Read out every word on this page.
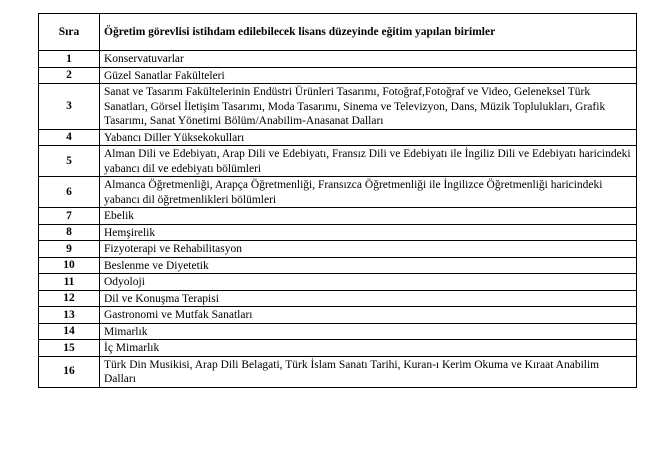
Sıra	Öğretim görevlisi istihdam edilebilecek lisans düzeyinde eğitim yapılan birimler
1	Konservatuvarlar
2	Güzel Sanatlar Fakülteleri
3	Sanat ve Tasarım Fakültelerinin Endüstri Ürünleri Tasarımı, Fotoğraf,Fotoğraf ve Video, Geleneksel Türk Sanatları, Görsel İletişim Tasarımı, Moda Tasarımı, Sinema ve Televizyon, Dans, Müzik Toplulukları, Grafik Tasarımı, Sanat Yönetimi Bölüm/Anabilim-Anasanat Dalları
4	Yabancı Diller Yüksekokulları
5	Alman Dili ve Edebiyatı, Arap Dili ve Edebiyatı, Fransız Dili ve Edebiyatı ile İngiliz Dili ve Edebiyatı haricindeki yabancı dil ve edebiyatı bölümleri
6	Almanca Öğretmenliği, Arapça Öğretmenliği, Fransızca Öğretmenliği ile İngilizce Öğretmenliği haricindeki yabancı dil öğretmenlikleri bölümleri
7	Ebelik
8	Hemşirelik
9	Fizyoterapi ve Rehabilitasyon
10	Beslenme ve Diyetetik
11	Odyoloji
12	Dil ve Konuşma Terapisi
13	Gastronomi ve Mutfak Sanatları
14	Mimarlık
15	İç Mimarlık
16	Türk Din Musikisi, Arap Dili Belagati, Türk İslam Sanatı Tarihi, Kuran-ı Kerim Okuma ve Kıraat Anabilim Dalları
